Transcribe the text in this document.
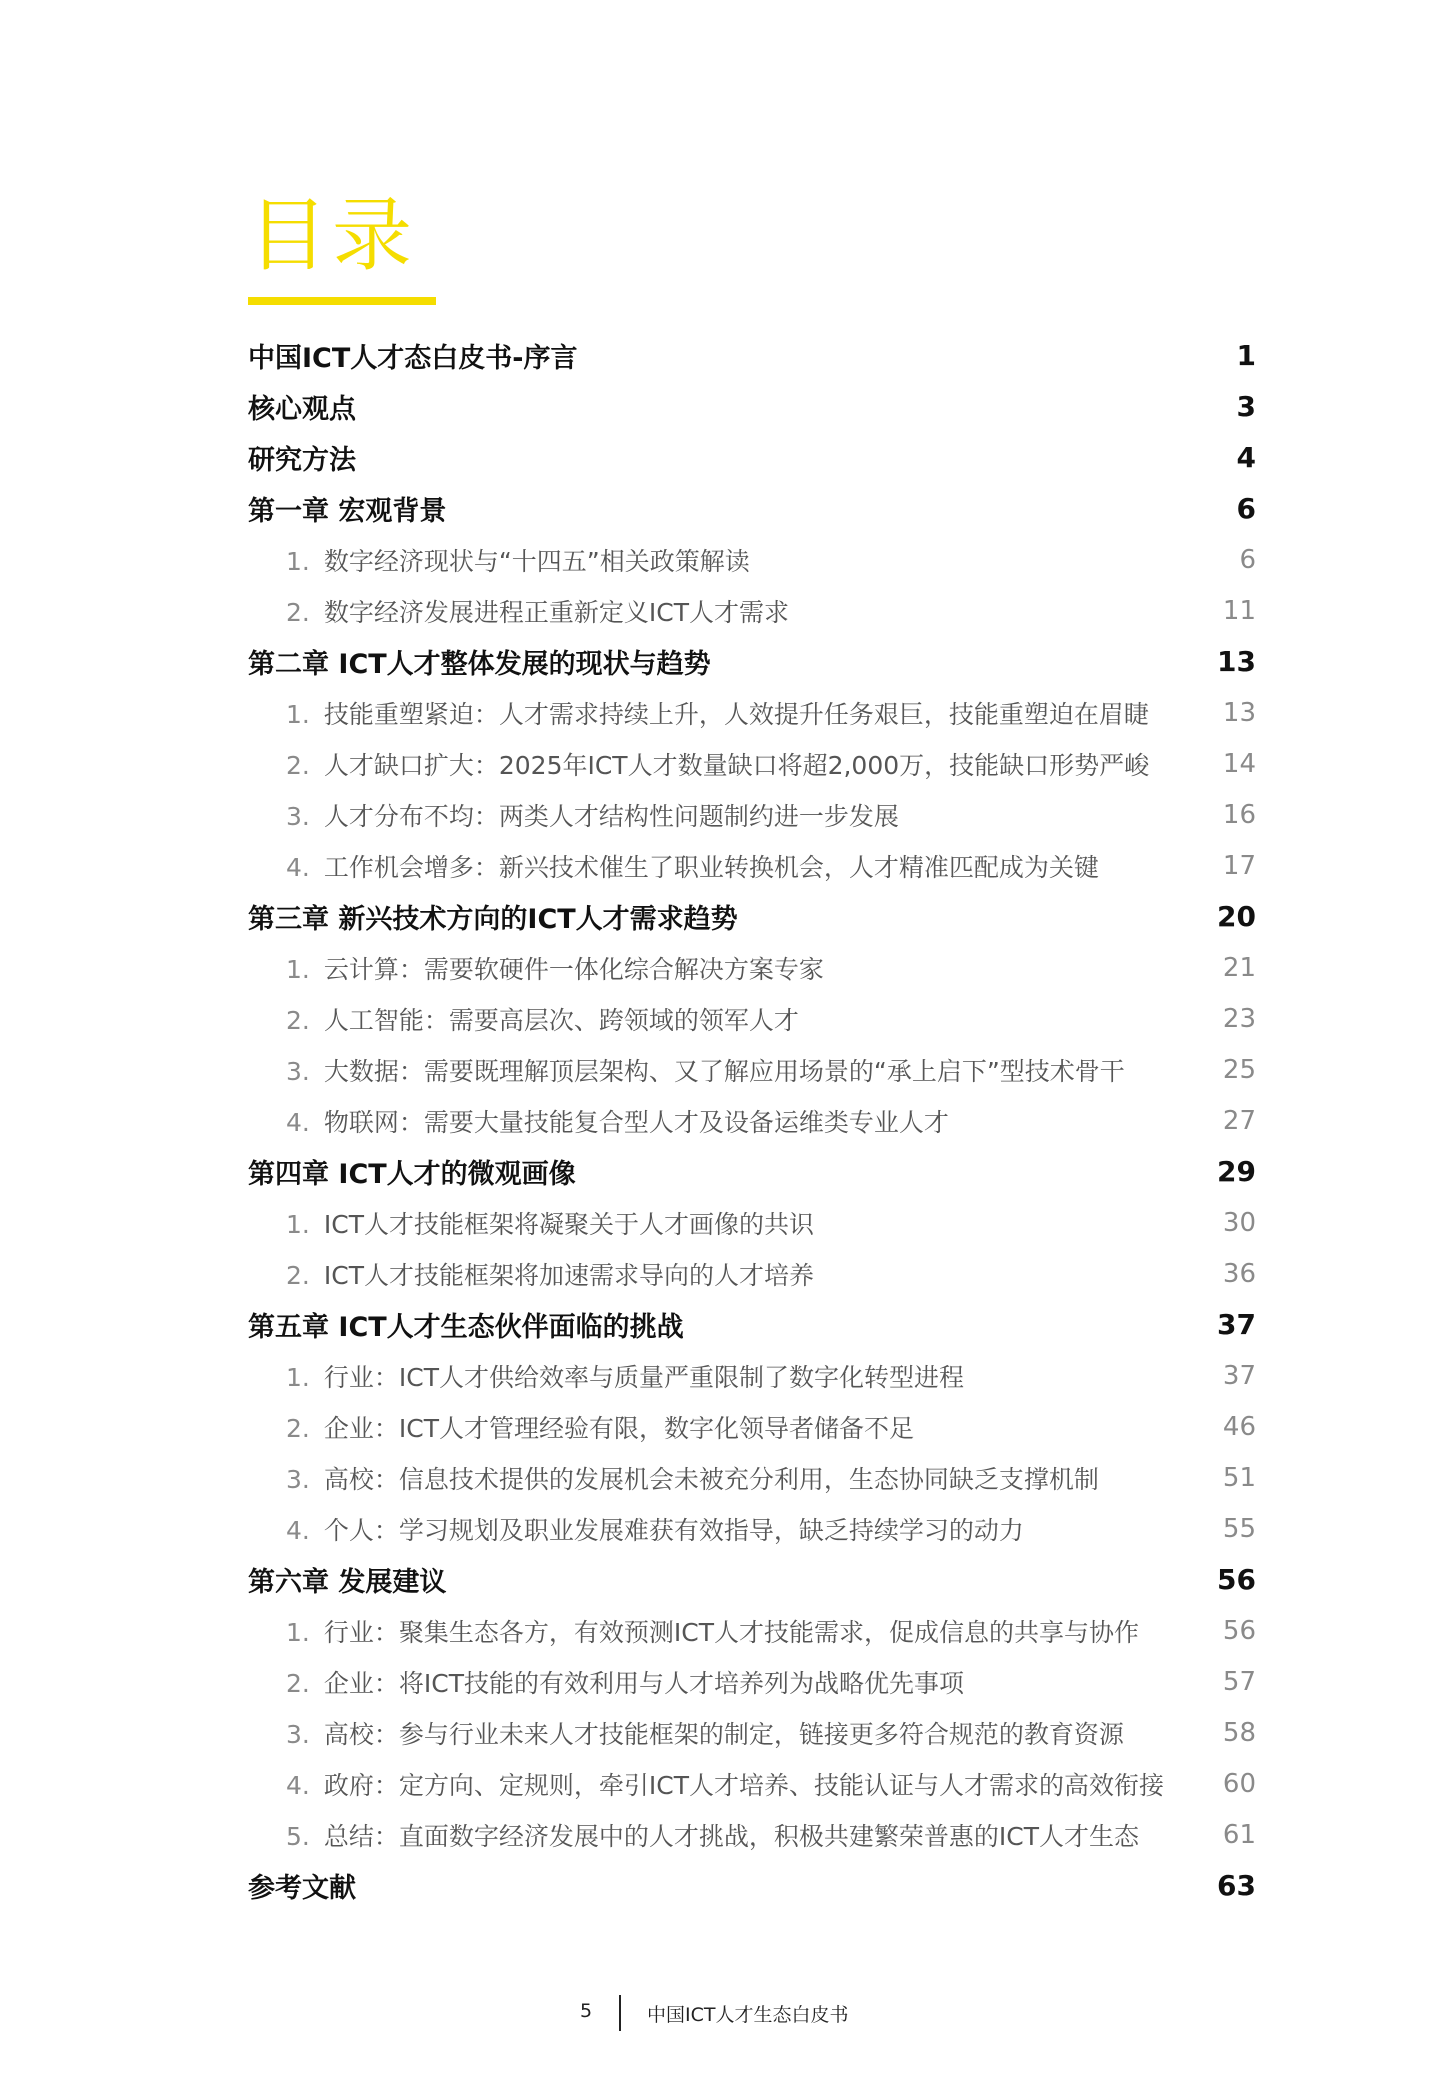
目录
中国ICT人才态白皮书-序言	1
核心观点	3
研究方法	4
第一章 宏观背景	6
1. 数字经济现状与“十四五”相关政策解读	6
2. 数字经济发展进程正重新定义ICT人才需求	11
第二章 ICT人才整体发展的现状与趋势	13
1. 技能重塑紧迫：人才需求持续上升，人效提升任务艰巨，技能重塑迫在眉睫	13
2. 人才缺口扩大：2025年ICT人才数量缺口将超2,000万，技能缺口形势严峻	14
3. 人才分布不均：两类人才结构性问题制约进一步发展	16
4. 工作机会增多：新兴技术催生了职业转换机会，人才精准匹配成为关键	17
第三章 新兴技术方向的ICT人才需求趋势	20
1. 云计算：需要软硬件一体化综合解决方案专家	21
2. 人工智能：需要高层次、跨领域的领军人才	23
3. 大数据：需要既理解顶层架构、又了解应用场景的“承上启下”型技术骨干	25
4. 物联网：需要大量技能复合型人才及设备运维类专业人才	27
第四章 ICT人才的微观画像	29
1. ICT人才技能框架将凝聚关于人才画像的共识	30
2. ICT人才技能框架将加速需求导向的人才培养	36
第五章 ICT人才生态伙伴面临的挑战	37
1. 行业：ICT人才供给效率与质量严重限制了数字化转型进程	37
2. 企业：ICT人才管理经验有限，数字化领导者储备不足	46
3. 高校：信息技术提供的发展机会未被充分利用，生态协同缺乏支撑机制	51
4. 个人：学习规划及职业发展难获有效指导，缺乏持续学习的动力	55
第六章 发展建议	56
1. 行业：聚集生态各方，有效预测ICT人才技能需求，促成信息的共享与协作	56
2. 企业：将ICT技能的有效利用与人才培养列为战略优先事项	57
3. 高校：参与行业未来人才技能框架的制定，链接更多符合规范的教育资源	58
4. 政府：定方向、定规则，牵引ICT人才培养、技能认证与人才需求的高效衔接 60
5. 总结：直面数字经济发展中的人才挑战，积极共建繁荣普惠的ICT人才生态	61
参考文献	63
5	中国ICT人才生态白皮书
